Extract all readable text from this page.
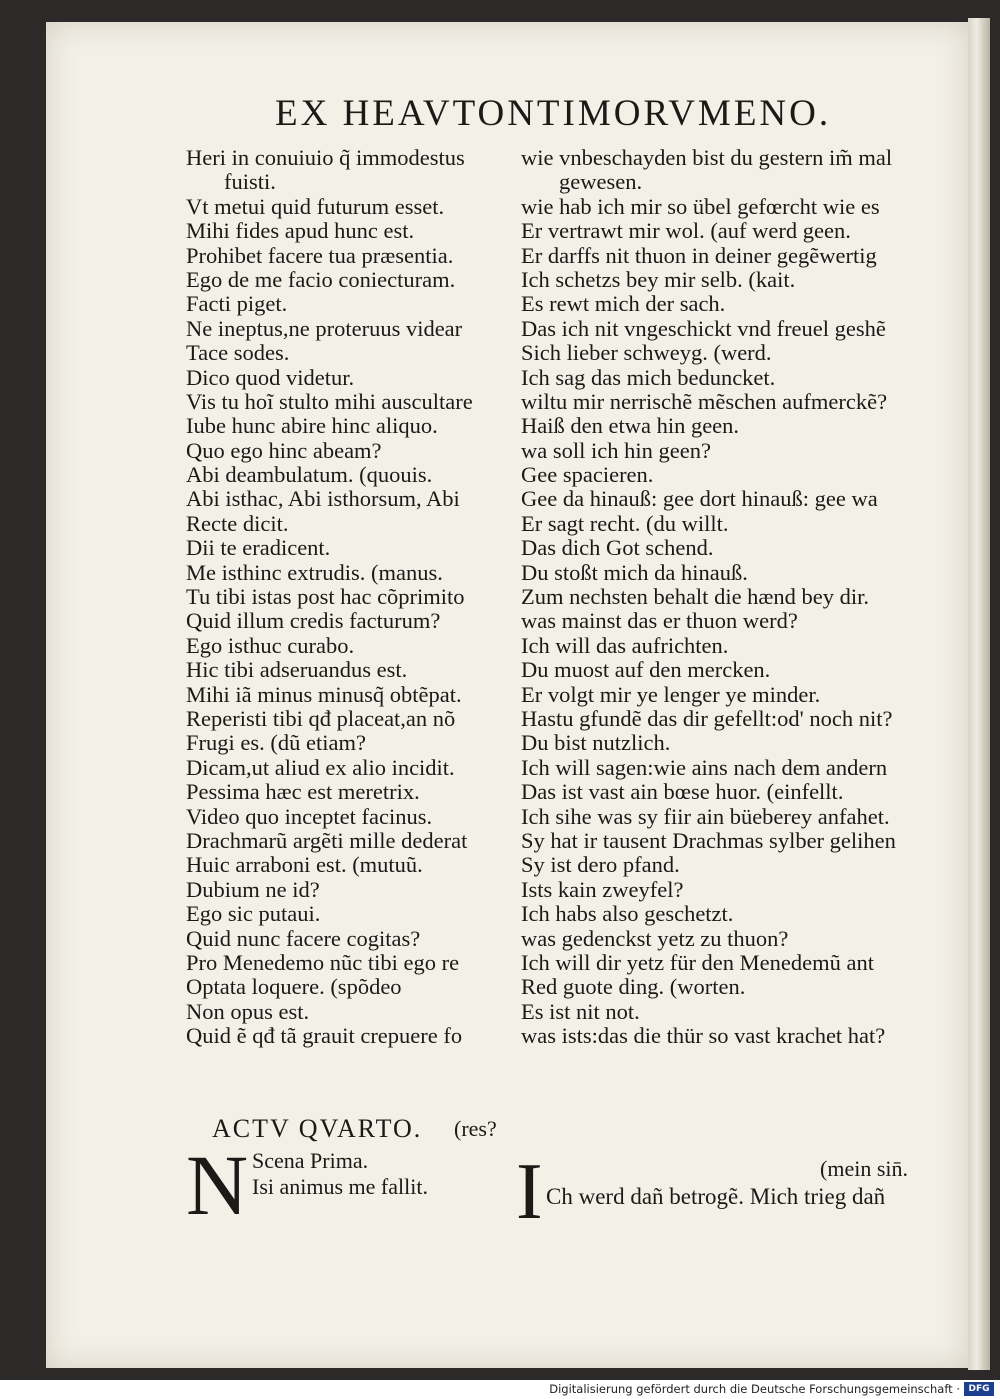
EX HEAVTONTIMORVMENO.
Heri in conuiuio q̃ immodestus
fuisti.
Vt metui quid futurum esset.
Mihi fides apud hunc est.
Prohibet facere tua præsentia.
Ego de me facio coniecturam.
Facti piget.
Ne ineptus,ne proteruus videar
Tace sodes.
Dico quod videtur.
Vis tu hoĩ stulto mihi auscultare
Iube hunc abire hinc aliquo.
Quo ego hinc abeam?
Abi deambulatum. (quouis.
Abi isthac, Abi isthorsum, Abi
Recte dicit.
Dii te eradicent.
Me isthinc extrudis. (manus.
Tu tibi istas post hac cõprimito
Quid illum credis facturum?
Ego isthuc curabo.
Hic tibi adseruandus est.
Mihi iã minus minusq̃ obtẽpat.
Reperisti tibi qđ placeat,an nõ
Frugi es. (dũ etiam?
Dicam,ut aliud ex alio incidit.
Pessima hæc est meretrix.
Video quo inceptet facinus.
Drachmarũ argẽti mille dederat
Huic arraboni est. (mutuũ.
Dubium ne id?
Ego sic putaui.
Quid nunc facere cogitas?
Pro Menedemo nũc tibi ego re
Optata loquere. (spõdeo
Non opus est.
Quid ẽ qđ tã grauit crepuere fo
wie vnbeschayden bist du gestern im̃ mal
gewesen.
wie hab ich mir so übel gefœrcht wie es
Er vertrawt mir wol. (auf werd geen.
Er darffs nit thuon in deiner gegẽwertig
Ich schetzs bey mir selb. (kait.
Es rewt mich der sach.
Das ich nit vngeschickt vnd freuel geshẽ
Sich lieber schweyg. (werd.
Ich sag das mich beduncket.
wiltu mir nerrischẽ mẽschen aufmerckẽ?
Haiß den etwa hin geen.
wa soll ich hin geen?
Gee spacieren.
Gee da hinauß: gee dort hinauß: gee wa
Er sagt recht. (du willt.
Das dich Got schend.
Du stoßt mich da hinauß.
Zum nechsten behalt die hænd bey dir.
was mainst das er thuon werd?
Ich will das aufrichten.
Du muost auf den mercken.
Er volgt mir ye lenger ye minder.
Hastu gfundẽ das dir gefellt:od' noch nit?
Du bist nutzlich.
Ich will sagen:wie ains nach dem andern
Das ist vast ain bœse huor. (einfellt.
Ich sihe was sy fiir ain büeberey anfahet.
Sy hat ir tausent Drachmas sylber gelihen
Sy ist dero pfand.
Ists kain zweyfel?
Ich habs also geschetzt.
was gedenckst yetz zu thuon?
Ich will dir yetz für den Menedemũ ant
Red guote ding. (worten.
Es ist nit not.
was ists:das die thür so vast krachet hat?
ACTV QVARTO. (res?
N Scena Prima.
Isi animus me fallit. I	(mein sin̄.
Ch werd dañ betrogẽ. Mich trieg dañ
Digitalisierung gefördert durch die Deutsche Forschungsgemeinschaft · DFG
